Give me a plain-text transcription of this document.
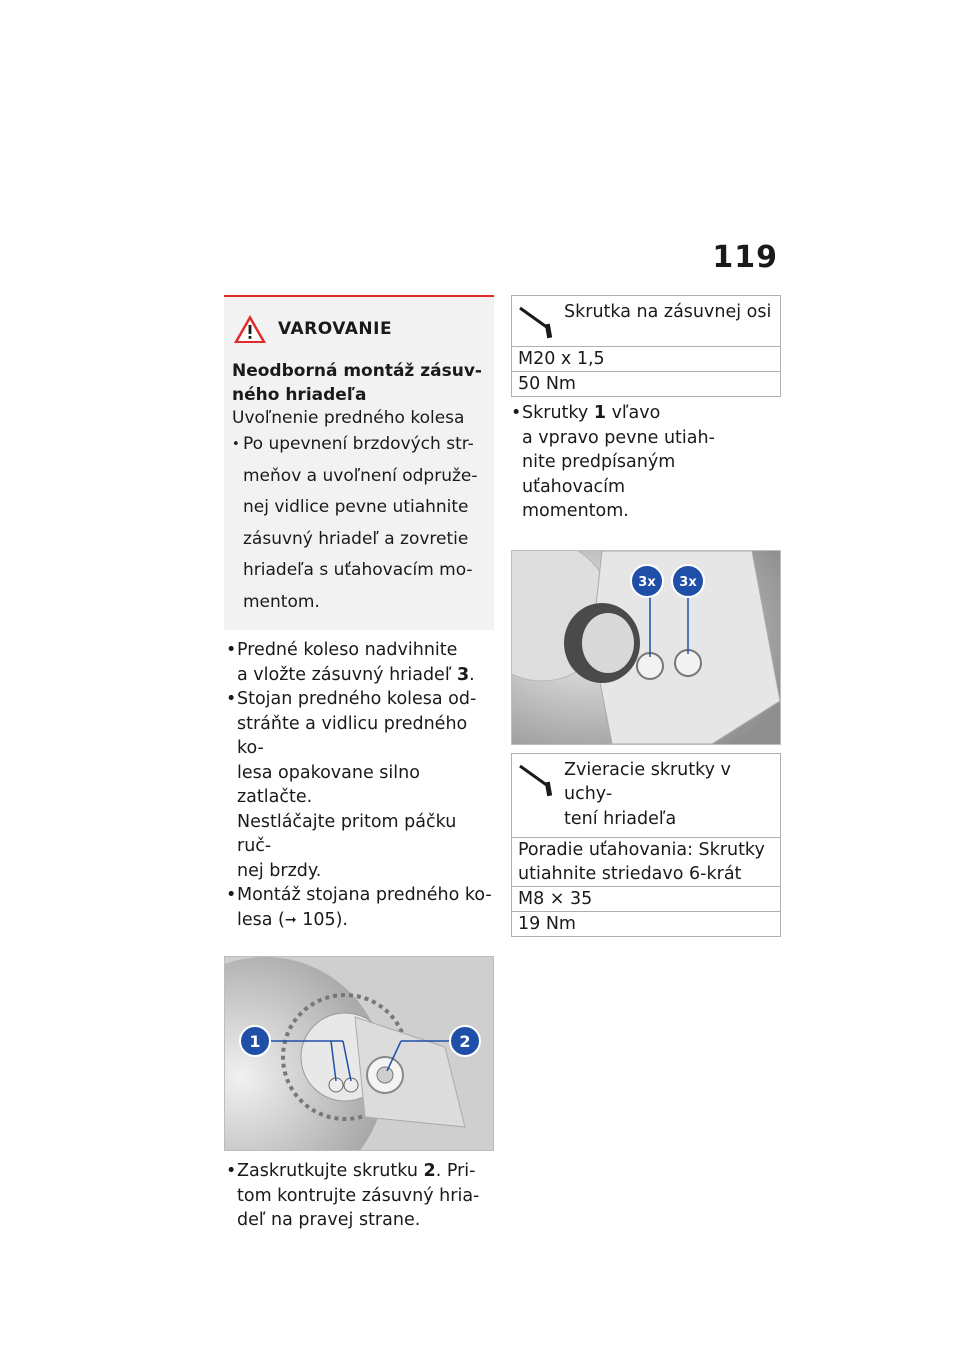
119
VAROVANIE
Neodborná montáž zásuv-
ného hriadeľa
Uvoľnenie predného kolesa
• Po upevnení brzdových str-
meňov a uvoľnení odpruže-
nej vidlice pevne utiahnite
zásuvný hriadeľ a zovretie
hriadeľa s uťahovacím mo-
mentom.
• Predné koleso nadvihnite
a vložte zásuvný hriadeľ 3.
• Stojan predného kolesa od-
stráňte a vidlicu predného ko-
lesa opakovane silno zatlačte.
Nestláčajte pritom páčku ruč-
nej brzdy.
• Montáž stojana predného ko-
lesa (➞ 105).
1	2
• Zaskrutkujte skrutku 2. Pri-
tom kontrujte zásuvný hria-
deľ na pravej strane.
Skrutka na zásuvnej osi
M20 x 1,5
50 Nm
• Skrutky 1 vľavo
a vpravo pevne utiah-
nite predpísaným uťahovacím
momentom.
3x 3x
Zvieracie skrutky v uchy-
tení hriadeľa
Poradie uťahovania: Skrutky
utiahnite striedavo 6-krát
M8 × 35
19 Nm
